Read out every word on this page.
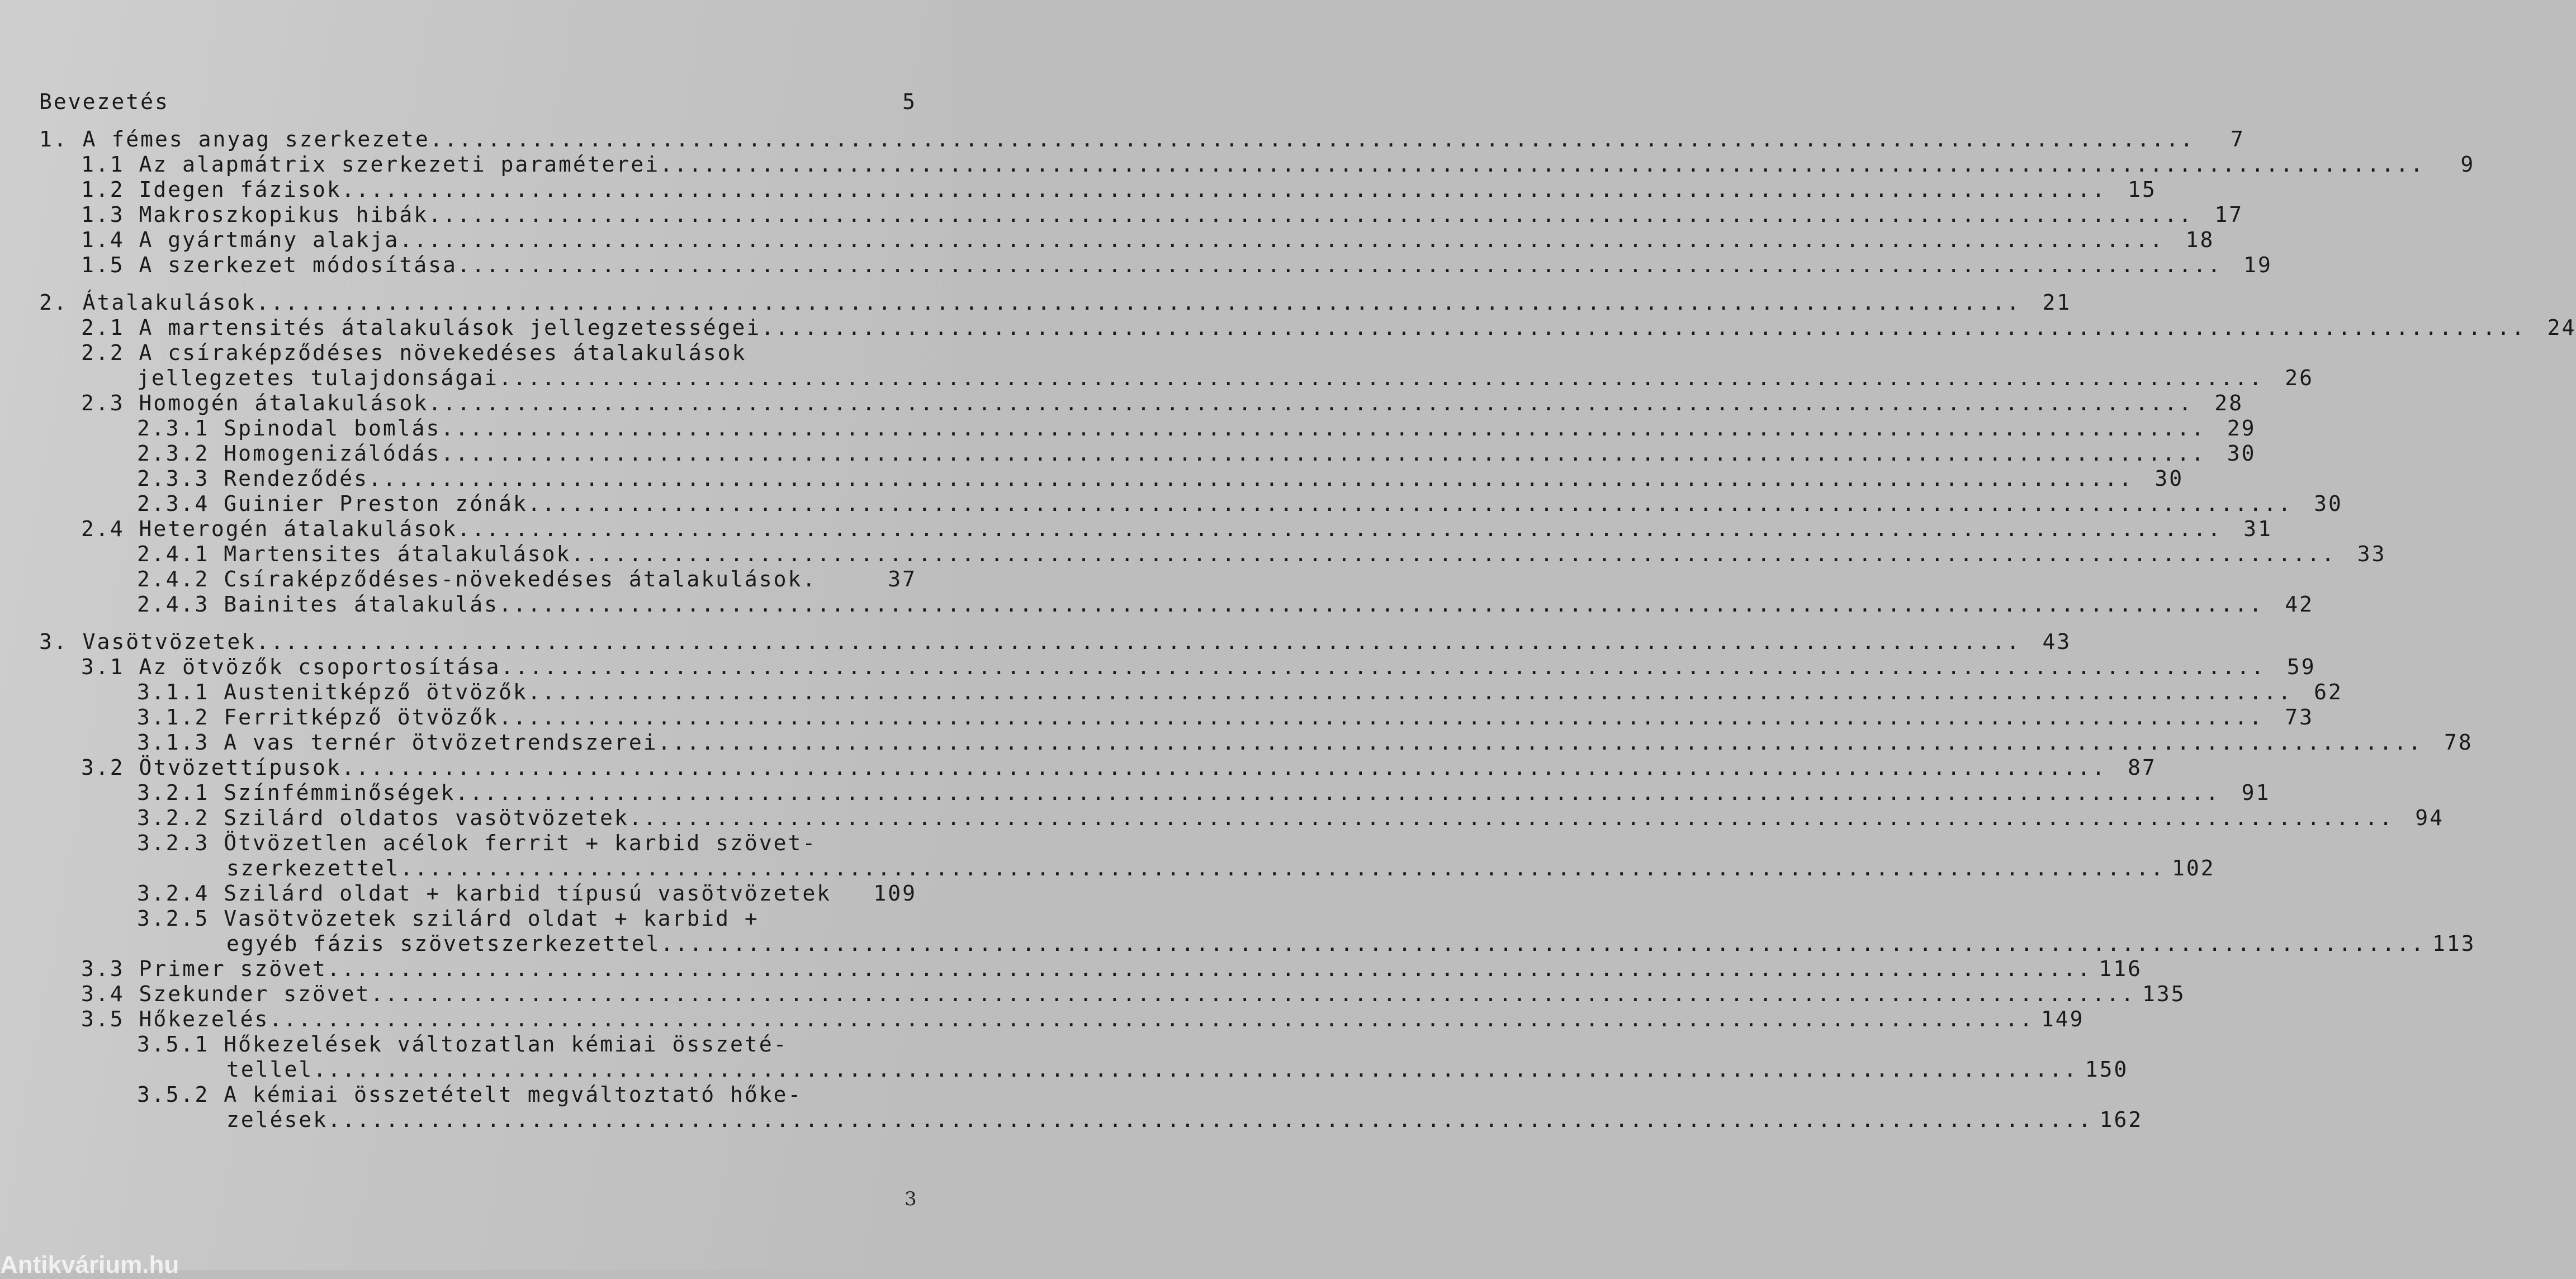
Bevezetés	5
1. A fémes anyag szerkezete ..........................................................................................................................	7
1.1 Az alapmátrix szerkezeti paraméterei ..........................................................................................................................	9
1.2 Idegen fázisok ..........................................................................................................................	15
1.3 Makroszkopikus hibák ..........................................................................................................................	17
1.4 A gyártmány alakja ..........................................................................................................................	18
1.5 A szerkezet módosítása ..........................................................................................................................	19
2. Átalakulások ..........................................................................................................................	21
2.1 A martensités átalakulások jellegzetességei ..........................................................................................................................	24
2.2 A csíraképződéses növekedéses átalakulások
jellegzetes tulajdonságai ..........................................................................................................................	26
2.3 Homogén átalakulások ..........................................................................................................................	28
2.3.1 Spinodal bomlás ..........................................................................................................................	29
2.3.2 Homogenizálódás ..........................................................................................................................	30
2.3.3 Rendeződés ..........................................................................................................................	30
2.3.4 Guinier Preston zónák ..........................................................................................................................	30
2.4 Heterogén átalakulások ..........................................................................................................................	31
2.4.1 Martensites átalakulások ..........................................................................................................................	33
2.4.2 Csíraképződéses-növekedéses átalakulások.	37
2.4.3 Bainites átalakulás ..........................................................................................................................	42
3. Vasötvözetek ..........................................................................................................................	43
3.1 Az ötvözők csoportosítása ..........................................................................................................................	59
3.1.1 Austenitképző ötvözők ..........................................................................................................................	62
3.1.2 Ferritképző ötvözők ..........................................................................................................................	73
3.1.3 A vas ternér ötvözetrendszerei ..........................................................................................................................	78
3.2 Ötvözettípusok ..........................................................................................................................	87
3.2.1 Színfémminőségek ..........................................................................................................................	91
3.2.2 Szilárd oldatos vasötvözetek ..........................................................................................................................	94
3.2.3 Ötvözetlen acélok ferrit + karbid szövet-
szerkezettel .......................................................................................................................... 102
3.2.4 Szilárd oldat + karbid típusú vasötvözetek	109
3.2.5 Vasötvözetek szilárd oldat + karbid +
egyéb fázis szövetszerkezettel .......................................................................................................................... 113
3.3 Primer szövet .......................................................................................................................... 116
3.4 Szekunder szövet .......................................................................................................................... 135
3.5 Hőkezelés .......................................................................................................................... 149
3.5.1 Hőkezelések változatlan kémiai összeté-
tellel .......................................................................................................................... 150
3.5.2 A kémiai összetételt megváltoztató hőke-
zelések .......................................................................................................................... 162
3
Antikvárium.hu
